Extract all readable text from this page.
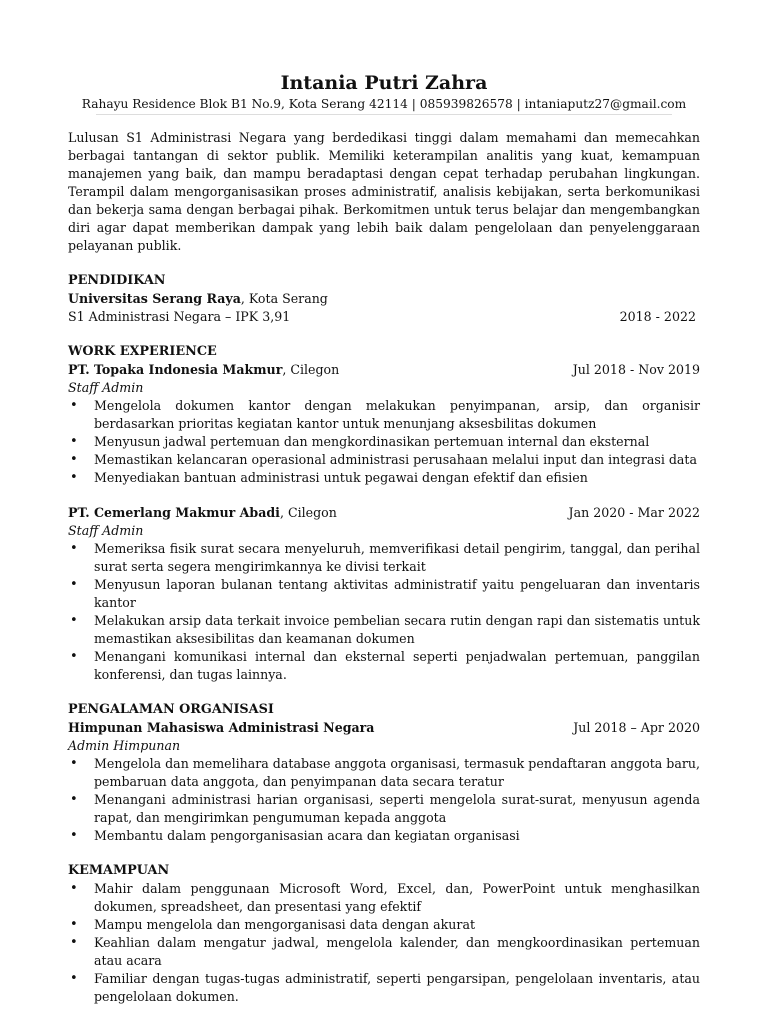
Intania Putri Zahra
Rahayu Residence Blok B1 No.9, Kota Serang 42114 | 085939826578 | intaniaputz27@gmail.com
Lulusan S1 Administrasi Negara yang berdedikasi tinggi dalam memahami dan memecahkan berbagai tantangan di sektor publik. Memiliki keterampilan analitis yang kuat, kemampuan manajemen yang baik, dan mampu beradaptasi dengan cepat terhadap perubahan lingkungan. Terampil dalam mengorganisasikan proses administratif, analisis kebijakan, serta berkomunikasi dan bekerja sama dengan berbagai pihak. Berkomitmen untuk terus belajar dan mengembangkan diri agar dapat memberikan dampak yang lebih baik dalam pengelolaan dan penyelenggaraan pelayanan publik.
PENDIDIKAN
Universitas Serang Raya, Kota Serang
S1 Administrasi Negara – IPK 3,91	2018 - 2022
WORK EXPERIENCE
PT. Topaka Indonesia Makmur, Cilegon	Jul 2018 - Nov 2019
Staff Admin
• Mengelola dokumen kantor dengan melakukan penyimpanan, arsip, dan organisir berdasarkan prioritas kegiatan kantor untuk menunjang aksesbilitas dokumen
• Menyusun jadwal pertemuan dan mengkordinasikan pertemuan internal dan eksternal
• Memastikan kelancaran operasional administrasi perusahaan melalui input dan integrasi data
• Menyediakan bantuan administrasi untuk pegawai dengan efektif dan efisien
PT. Cemerlang Makmur Abadi, Cilegon	Jan 2020 - Mar 2022
Staff Admin
• Memeriksa fisik surat secara menyeluruh, memverifikasi detail pengirim, tanggal, dan perihal surat serta segera mengirimkannya ke divisi terkait
• Menyusun laporan bulanan tentang aktivitas administratif yaitu pengeluaran dan inventaris kantor
• Melakukan arsip data terkait invoice pembelian secara rutin dengan rapi dan sistematis untuk memastikan aksesibilitas dan keamanan dokumen
• Menangani komunikasi internal dan eksternal seperti penjadwalan pertemuan, panggilan konferensi, dan tugas lainnya.
PENGALAMAN ORGANISASI
Himpunan Mahasiswa Administrasi Negara	Jul 2018 – Apr 2020
Admin Himpunan
• Mengelola dan memelihara database anggota organisasi, termasuk pendaftaran anggota baru, pembaruan data anggota, dan penyimpanan data secara teratur
• Menangani administrasi harian organisasi, seperti mengelola surat-surat, menyusun agenda rapat, dan mengirimkan pengumuman kepada anggota
• Membantu dalam pengorganisasian acara dan kegiatan organisasi
KEMAMPUAN
• Mahir dalam penggunaan Microsoft Word, Excel, dan, PowerPoint untuk menghasilkan dokumen, spreadsheet, dan presentasi yang efektif
• Mampu mengelola dan mengorganisasi data dengan akurat
• Keahlian dalam mengatur jadwal, mengelola kalender, dan mengkoordinasikan pertemuan atau acara
• Familiar dengan tugas-tugas administratif, seperti pengarsipan, pengelolaan inventaris, atau pengelolaan dokumen.
